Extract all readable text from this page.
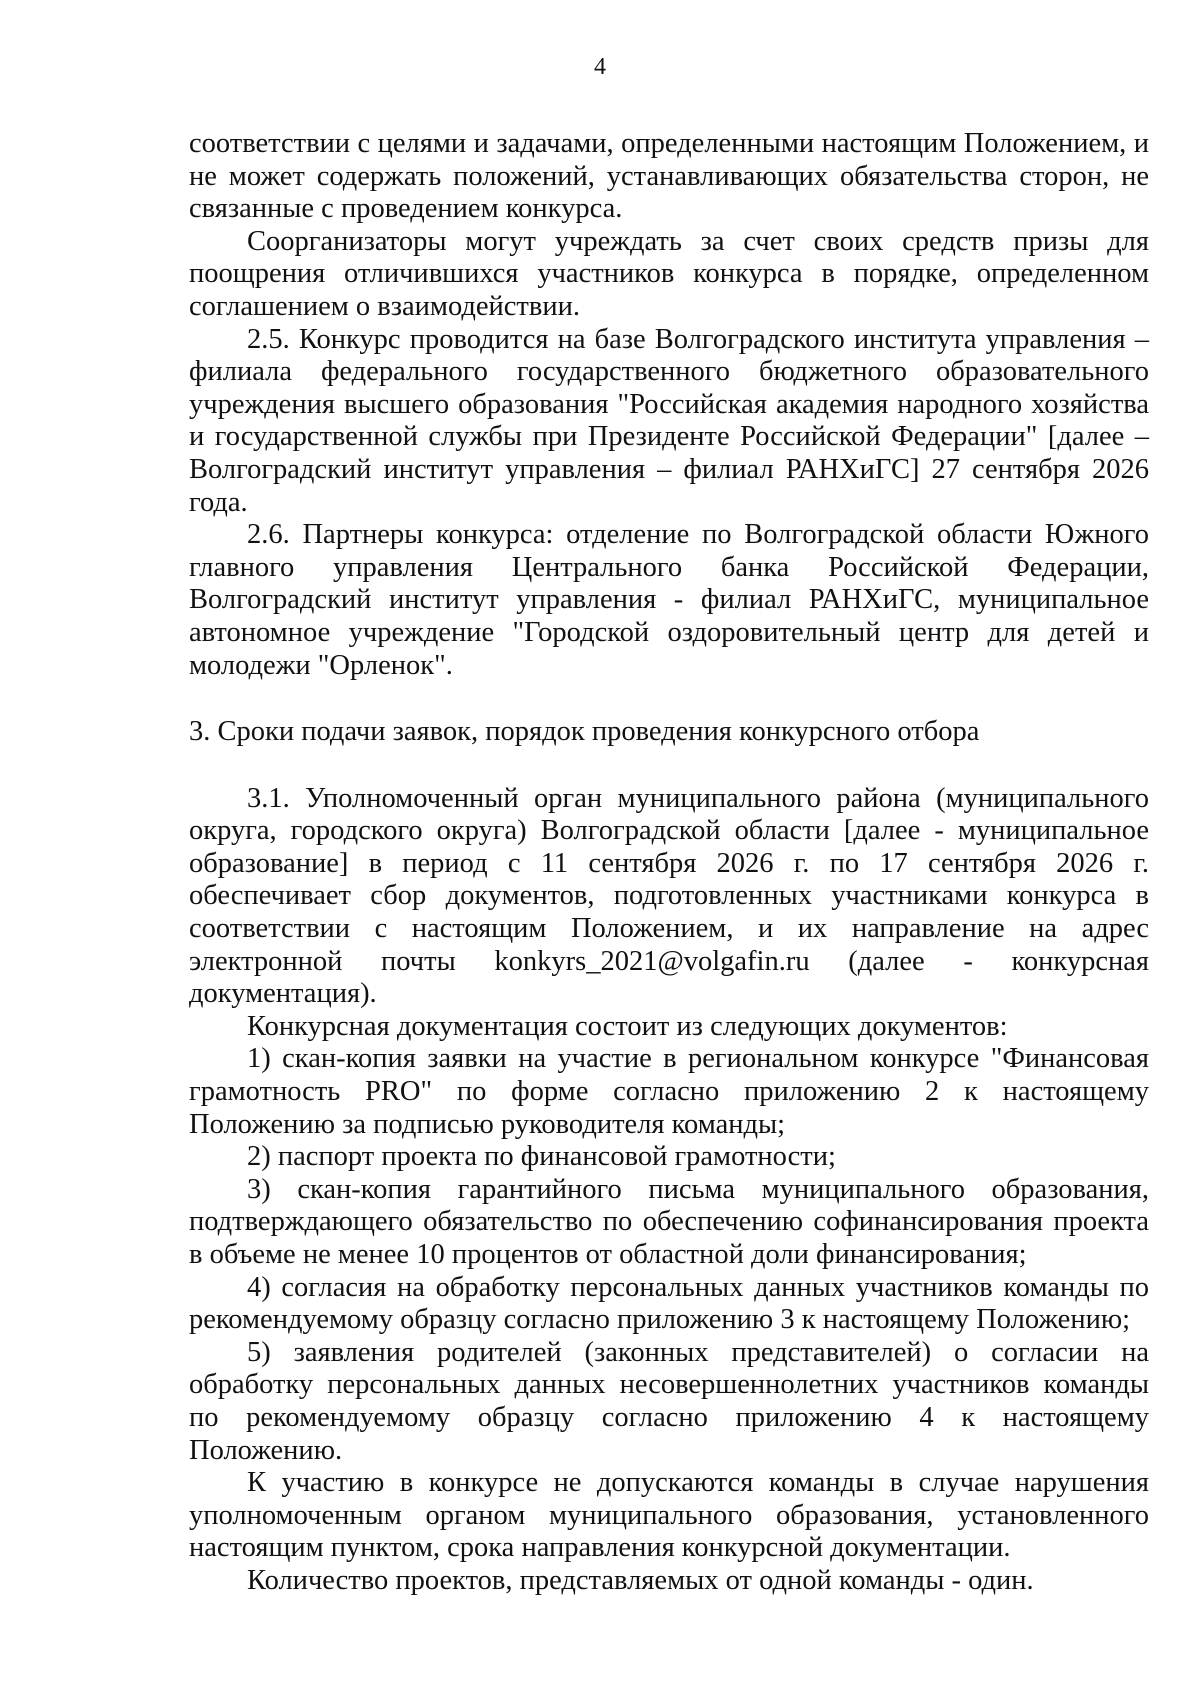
4

соответствии с целями и задачами, определенными настоящим Положением, и не может содержать положений, устанавливающих обязательства сторон, не связанные с проведением конкурса.

Соорганизаторы могут учреждать за счет своих средств призы для поощрения отличившихся участников конкурса в порядке, определенном соглашением о взаимодействии.

2.5. Конкурс проводится на базе Волгоградского института управления – филиала федерального государственного бюджетного образовательного учреждения высшего образования "Российская академия народного хозяйства и государственной службы при Президенте Российской Федерации" [далее – Волгоградский институт управления – филиал РАНХиГС] 27 сентября 2026 года.

2.6. Партнеры конкурса: отделение по Волгоградской области Южного главного управления Центрального банка Российской Федерации, Волгоградский институт управления - филиал РАНХиГС, муниципальное автономное учреждение "Городской оздоровительный центр для детей и молодежи "Орленок".

3. Сроки подачи заявок, порядок проведения конкурсного отбора

3.1. Уполномоченный орган муниципального района (муниципального округа, городского округа) Волгоградской области [далее - муниципальное образование] в период с 11 сентября 2026 г. по 17 сентября 2026 г. обеспечивает сбор документов, подготовленных участниками конкурса в соответствии с настоящим Положением, и их направление на адрес электронной почты konkyrs_2021@volgafin.ru (далее - конкурсная документация).

Конкурсная документация состоит из следующих документов:

1) скан-копия заявки на участие в региональном конкурсе "Финансовая грамотность PRO" по форме согласно приложению 2 к настоящему Положению за подписью руководителя команды;

2) паспорт проекта по финансовой грамотности;

3) скан-копия гарантийного письма муниципального образования, подтверждающего обязательство по обеспечению софинансирования проекта в объеме не менее 10 процентов от областной доли финансирования;

4) согласия на обработку персональных данных участников команды по рекомендуемому образцу согласно приложению 3 к настоящему Положению;

5) заявления родителей (законных представителей) о согласии на обработку персональных данных несовершеннолетних участников команды по рекомендуемому образцу согласно приложению 4 к настоящему Положению.

К участию в конкурсе не допускаются команды в случае нарушения уполномоченным органом муниципального образования, установленного настоящим пунктом, срока направления конкурсной документации.

Количество проектов, представляемых от одной команды - один.
